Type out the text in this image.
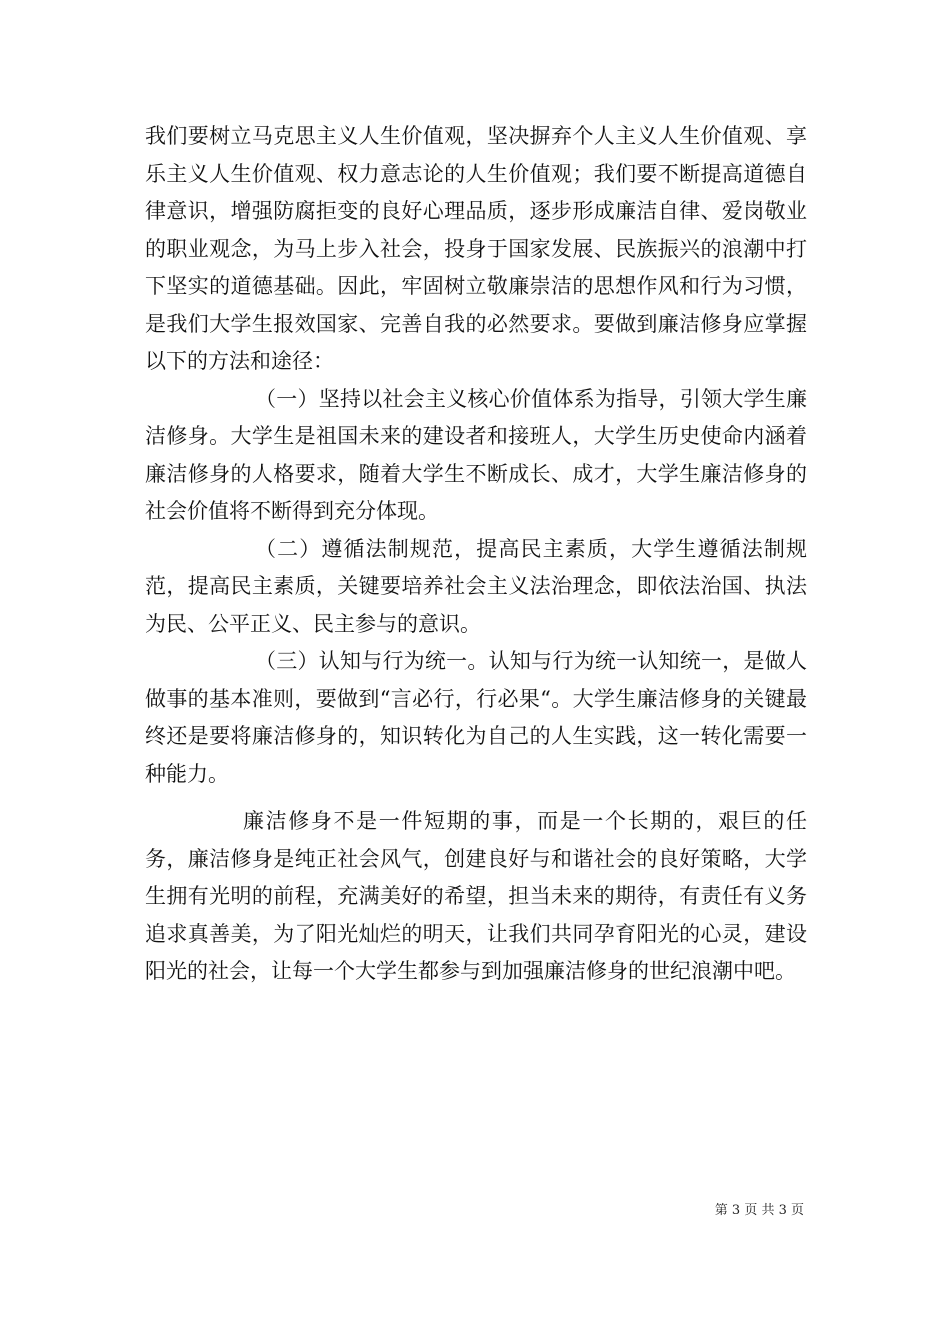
我们要树立马克思主义人生价值观，坚决摒弃个人主义人生价值观、享乐主义人生价值观、权力意志论的人生价值观；我们要不断提高道德自律意识，增强防腐拒变的良好心理品质，逐步形成廉洁自律、爱岗敬业的职业观念，为马上步入社会，投身于国家发展、民族振兴的浪潮中打下坚实的道德基础。因此，牢固树立敬廉崇洁的思想作风和行为习惯，是我们大学生报效国家、完善自我的必然要求。要做到廉洁修身应掌握以下的方法和途径：

（一）坚持以社会主义核心价值体系为指导，引领大学生廉洁修身。大学生是祖国未来的建设者和接班人，大学生历史使命内涵着廉洁修身的人格要求，随着大学生不断成长、成才，大学生廉洁修身的社会价值将不断得到充分体现。

（二）遵循法制规范，提高民主素质，大学生遵循法制规范，提高民主素质，关键要培养社会主义法治理念，即依法治国、执法为民、公平正义、民主参与的意识。

（三）认知与行为统一。认知与行为统一认知统一，是做人做事的基本准则，要做到“言必行，行必果“。大学生廉洁修身的关键最终还是要将廉洁修身的，知识转化为自己的人生实践，这一转化需要一种能力。

廉洁修身不是一件短期的事，而是一个长期的，艰巨的任务，廉洁修身是纯正社会风气，创建良好与和谐社会的良好策略，大学生拥有光明的前程，充满美好的希望，担当未来的期待，有责任有义务追求真善美，为了阳光灿烂的明天，让我们共同孕育阳光的心灵，建设阳光的社会，让每一个大学生都参与到加强廉洁修身的世纪浪潮中吧。

第 3 页 共 3 页
